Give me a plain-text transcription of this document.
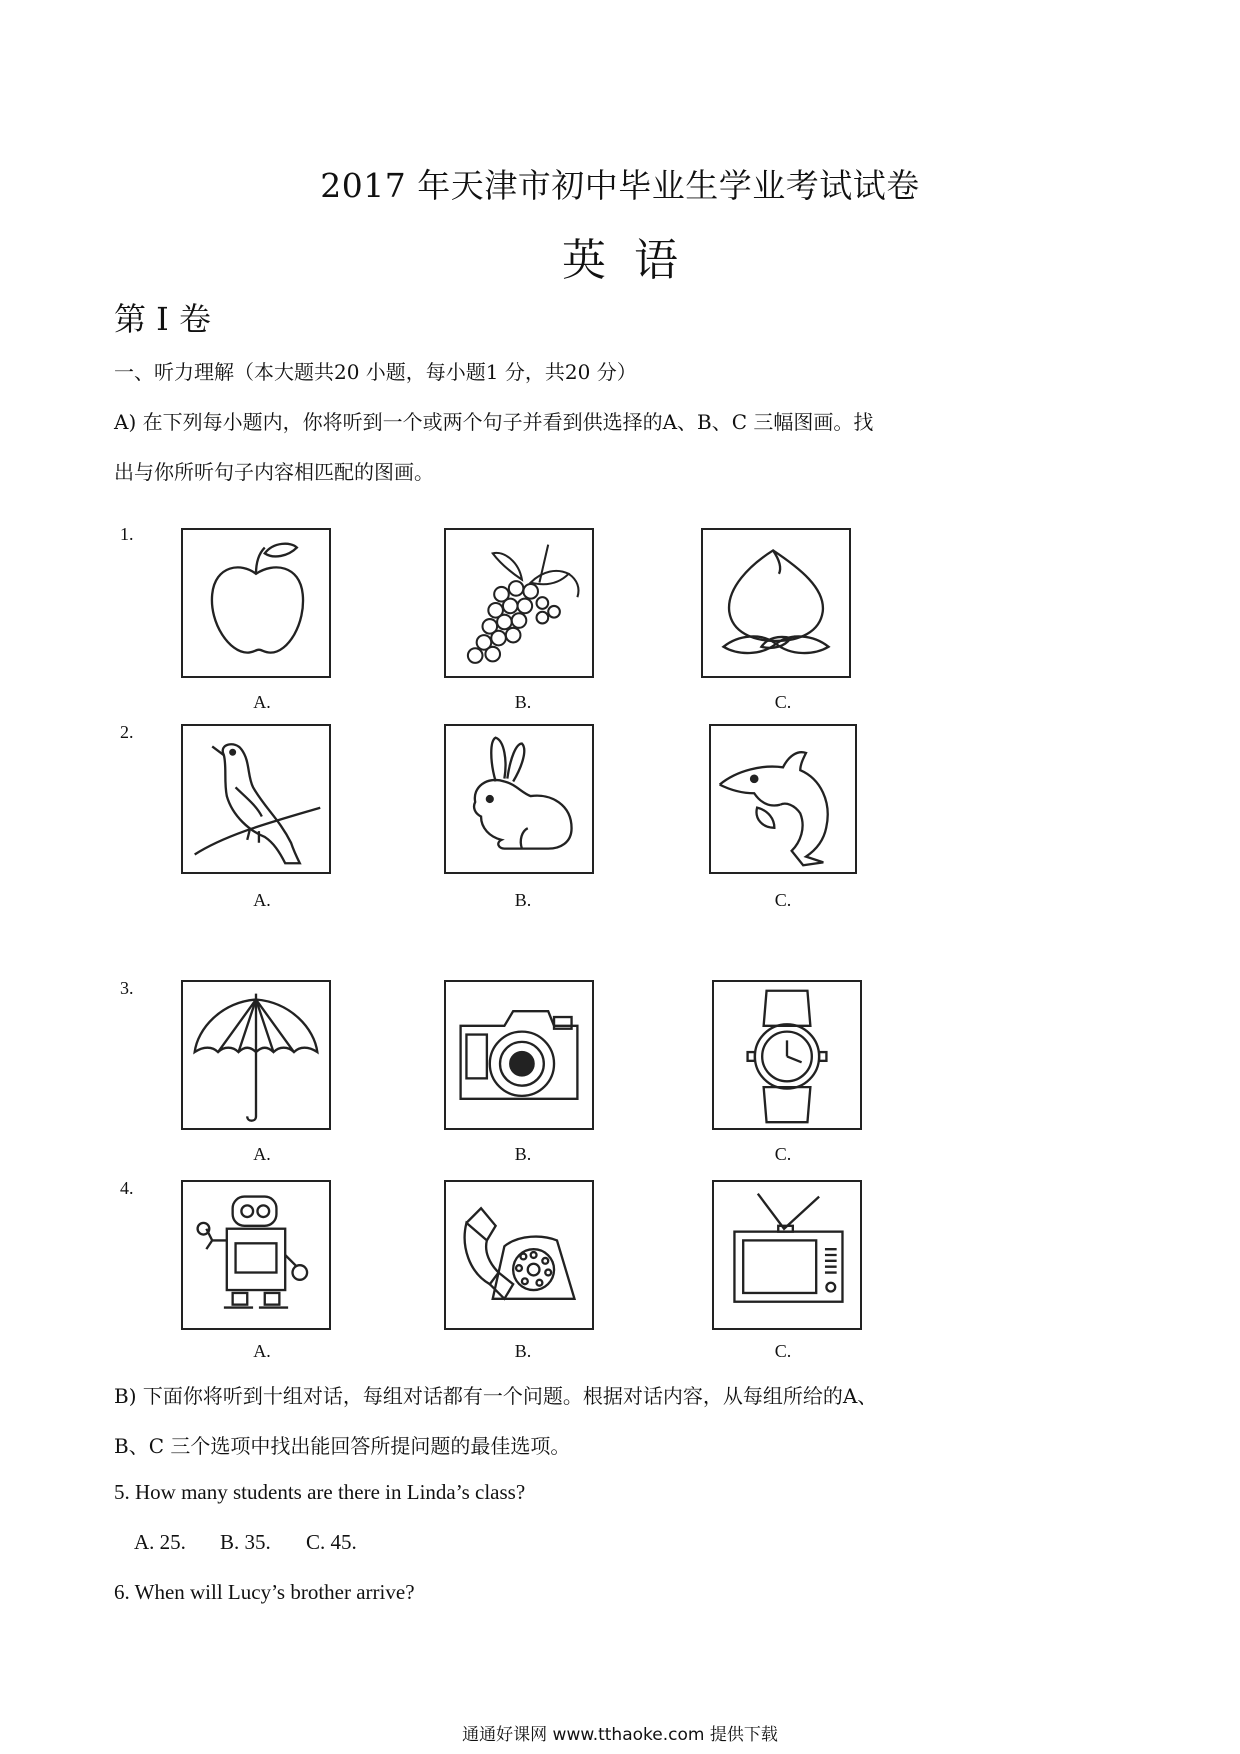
2017 年天津市初中毕业生学业考试试卷
英语
第 I 卷
一、听力理解（本大题共20 小题，每小题1 分，共20 分）
A) 在下列每小题内，你将听到一个或两个句子并看到供选择的A、B、C 三幅图画。找
出与你所听句子内容相匹配的图画。
1.
A.	B.	C.
2.
A.	B.	C.
3.
A.	B.	C.
4.
A.	B.	C.
B) 下面你将听到十组对话，每组对话都有一个问题。根据对话内容，从每组所给的A、
B、C 三个选项中找出能回答所提问题的最佳选项。
5. How many students are there in Linda’s class?
A. 25. B. 35. C. 45.
6. When will Lucy’s brother arrive?
通通好课网 www.tthaoke.com 提供下载
